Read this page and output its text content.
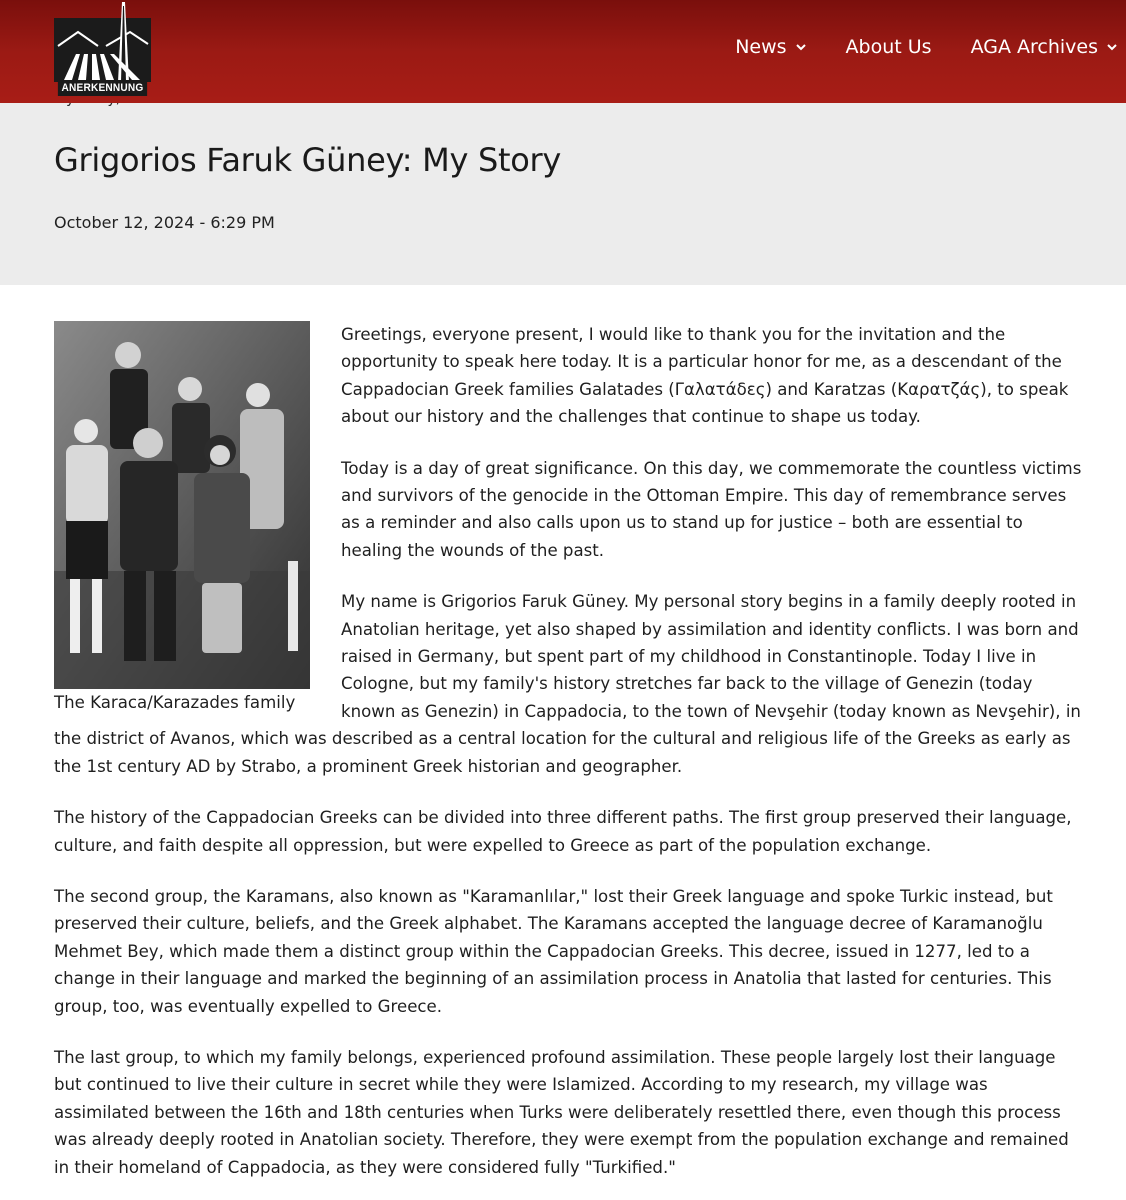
ANERKENNUNG
News	About Us AGA Archives
Grigorios Faruk Güney: My Story
October 12, 2024 - 6:29 PM
The Karaca/Karazades family

Greetings, everyone present, I would like to thank you for the invitation and the opportunity to speak here today. It is a particular honor for me, as a descendant of the Cappadocian Greek families Galatades (Γαλατάδες) and Karatzas (Καρατζάς), to speak about our history and the challenges that continue to shape us today.

Today is a day of great significance. On this day, we commemorate the countless victims and survivors of the genocide in the Ottoman Empire. This day of remembrance serves as a reminder and also calls upon us to stand up for justice – both are essential to healing the wounds of the past.

My name is Grigorios Faruk Güney. My personal story begins in a family deeply rooted in Anatolian heritage, yet also shaped by assimilation and identity conflicts. I was born and raised in Germany, but spent part of my childhood in Constantinople. Today I live in Cologne, but my family's history stretches far back to the village of Genezin (today known as Genezin) in Cappadocia, to the town of Nevşehir (today known as Nevşehir), in the district of Avanos, which was described as a central location for the cultural and religious life of the Greeks as early as the 1st century AD by Strabo, a prominent Greek historian and geographer.

The history of the Cappadocian Greeks can be divided into three different paths. The first group preserved their language, culture, and faith despite all oppression, but were expelled to Greece as part of the population exchange.

The second group, the Karamans, also known as "Karamanlılar," lost their Greek language and spoke Turkic instead, but preserved their culture, beliefs, and the Greek alphabet. The Karamans accepted the language decree of Karamanoğlu Mehmet Bey, which made them a distinct group within the Cappadocian Greeks. This decree, issued in 1277, led to a change in their language and marked the beginning of an assimilation process in Anatolia that lasted for centuries. This group, too, was eventually expelled to Greece.

The last group, to which my family belongs, experienced profound assimilation. These people largely lost their language but continued to live their culture in secret while they were Islamized. According to my research, my village was assimilated between the 16th and 18th centuries when Turks were deliberately resettled there, even though this process was already deeply rooted in Anatolian society. Therefore, they were exempt from the population exchange and remained in their homeland of Cappadocia, as they were considered fully "Turkified."
